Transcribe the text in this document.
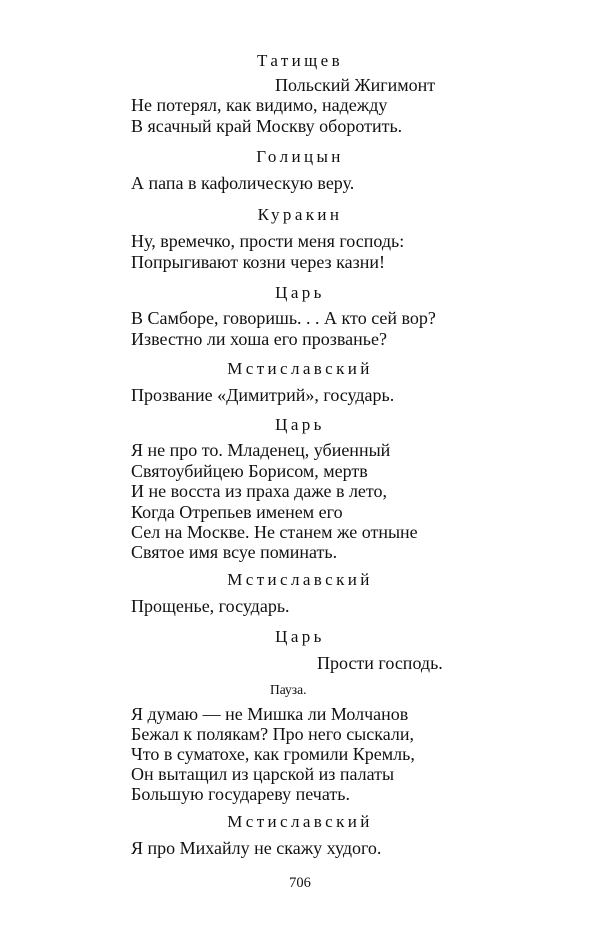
Татищев
Польский Жигимонт
Не потерял, как видимо, надежду
В ясачный край Москву оборотить.
Голицын
А папа в кафолическую веру.
Куракин
Ну, времечко, прости меня господь:
Попрыгивают козни через казни!
Царь
В Самборе, говоришь. . . А кто сей вор?
Известно ли хоша его прозванье?
Мстиславский
Прозвание «Димитрий», государь.
Царь
Я не про то. Младенец, убиенный
Святоубийцею Борисом, мертв
И не восста из праха даже в лето,
Когда Отрепьев именем его
Сел на Москве. Не станем же отныне
Святое имя всуе поминать.
Мстиславский
Прощенье, государь.
Царь
Прости господь.
Пауза.
Я думаю — не Мишка ли Молчанов
Бежал к полякам? Про него сыскали,
Что в суматохе, как громили Кремль,
Он вытащил из царской из палаты
Большую государеву печать.
Мстиславский
Я про Михайлу не скажу худого.
706
